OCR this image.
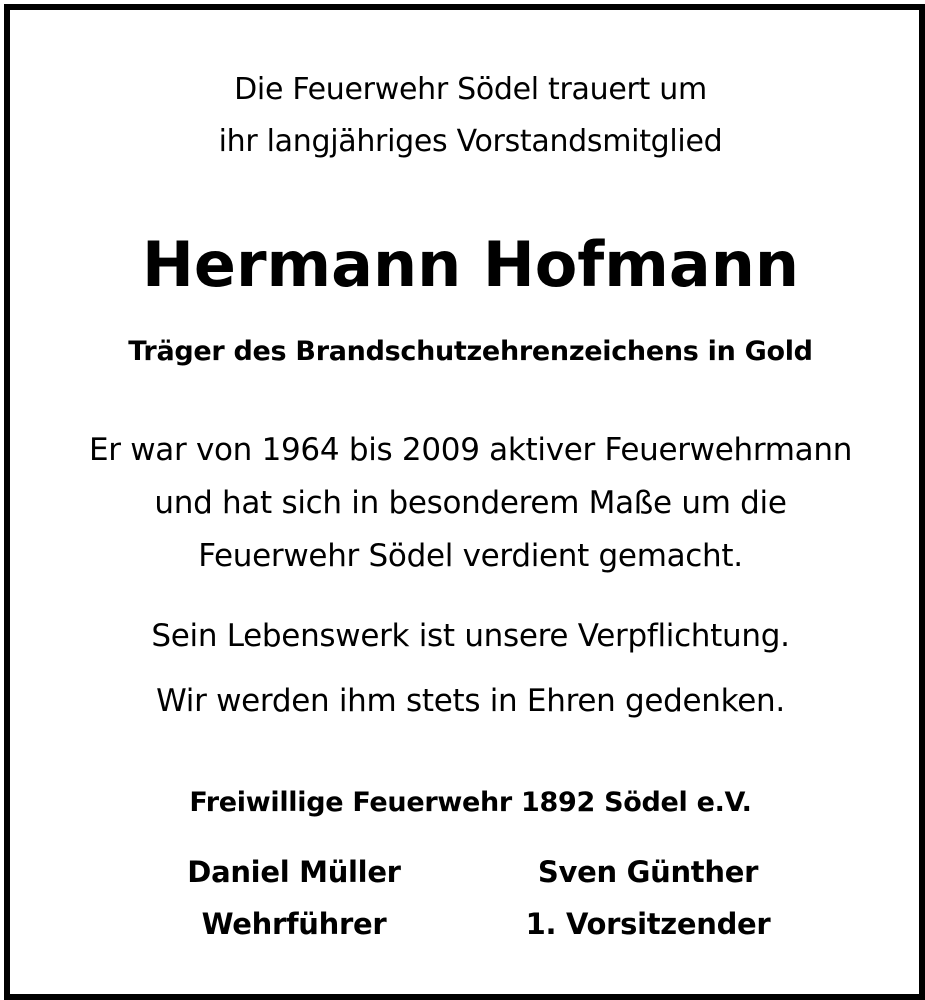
Die Feuerwehr Södel trauert um
ihr langjähriges Vorstandsmitglied
Hermann Hofmann
Träger des Brandschutzehrenzeichens in Gold
Er war von 1964 bis 2009 aktiver Feuerwehrmann
und hat sich in besonderem Maße um die
Feuerwehr Södel verdient gemacht.
Sein Lebenswerk ist unsere Verpflichtung.
Wir werden ihm stets in Ehren gedenken.
Freiwillige Feuerwehr 1892 Södel e.V.
Daniel Müller
Wehrführer
Sven Günther
1. Vorsitzender
